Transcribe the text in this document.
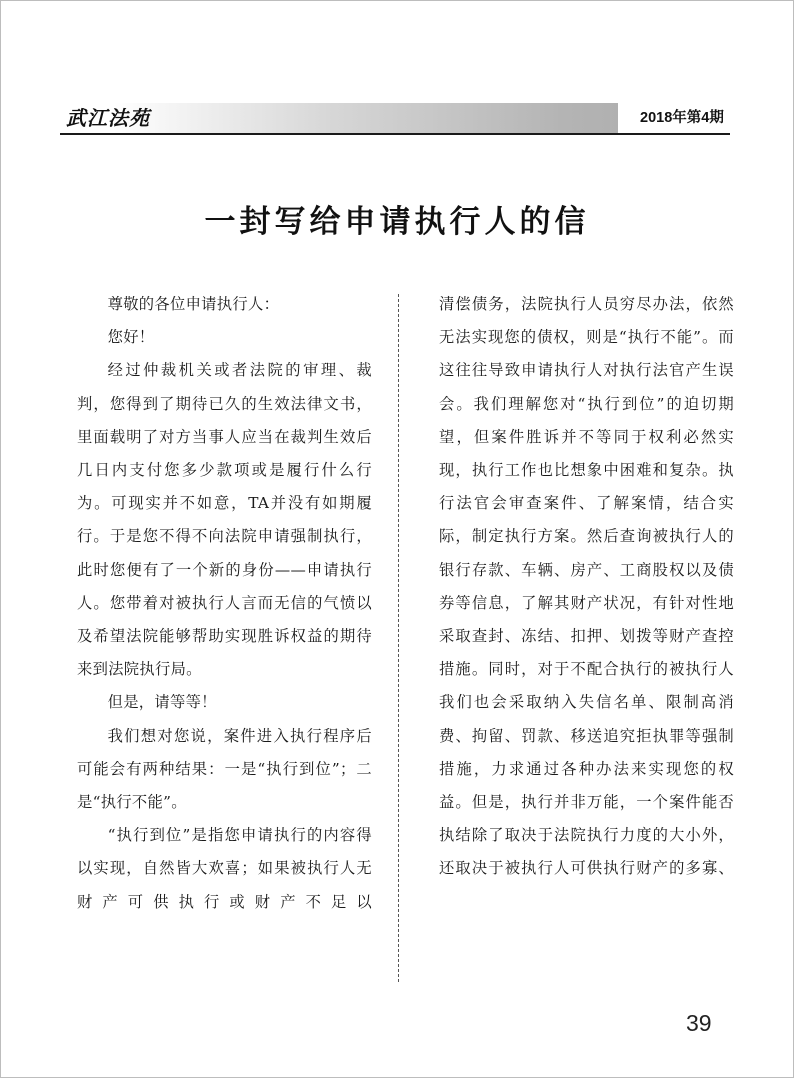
武江法苑	2018年第4期
一封写给申请执行人的信

尊敬的各位申请执行人：

您好！

经过仲裁机关或者法院的审理、裁判，您得到了期待已久的生效法律文书，里面载明了对方当事人应当在裁判生效后几日内支付您多少款项或是履行什么行为。可现实并不如意，TA并没有如期履行。于是您不得不向法院申请强制执行，此时您便有了一个新的身份——申请执行人。您带着对被执行人言而无信的气愤以及希望法院能够帮助实现胜诉权益的期待来到法院执行局。

但是，请等等！

我们想对您说，案件进入执行程序后可能会有两种结果：一是“执行到位”；二是“执行不能”。

“执行到位”是指您申请执行的内容得以实现，自然皆大欢喜；如果被执行人无财产可供执行或财产不足以

清偿债务，法院执行人员穷尽办法，依然无法实现您的债权，则是“执行不能”。而这往往导致申请执行人对执行法官产生误会。我们理解您对“执行到位”的迫切期望，但案件胜诉并不等同于权利必然实现，执行工作也比想象中困难和复杂。执行法官会审查案件、了解案情，结合实际，制定执行方案。然后查询被执行人的银行存款、车辆、房产、工商股权以及债券等信息，了解其财产状况，有针对性地采取查封、冻结、扣押、划拨等财产查控措施。同时，对于不配合执行的被执行人我们也会采取纳入失信名单、限制高消费、拘留、罚款、移送追究拒执罪等强制措施，力求通过各种办法来实现您的权益。但是，执行并非万能，一个案件能否执结除了取决于法院执行力度的大小外，还取决于被执行人可供执行财产的多寡、

39
